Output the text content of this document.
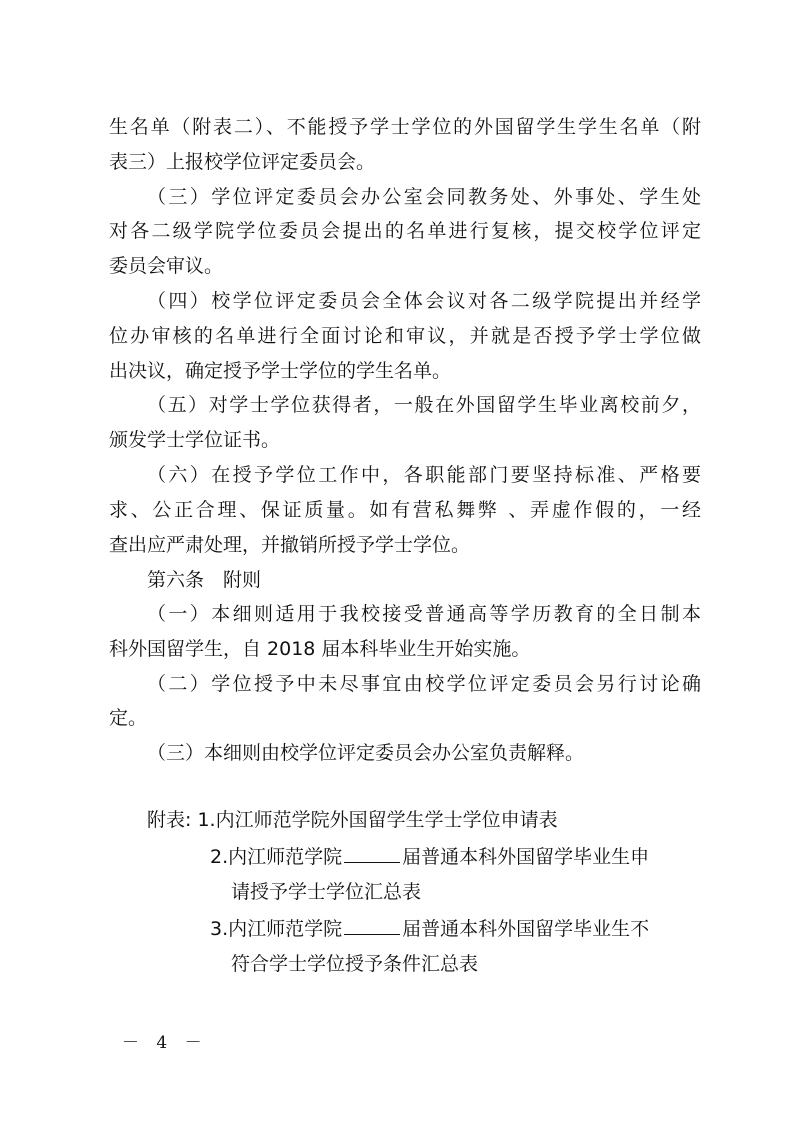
生名单（附表二）、不能授予学士学位的外国留学生学生名单（附
表三）上报校学位评定委员会。
（三）学位评定委员会办公室会同教务处、外事处、学生处
对各二级学院学位委员会提出的名单进行复核，提交校学位评定
委员会审议。
（四）校学位评定委员会全体会议对各二级学院提出并经学
位办审核的名单进行全面讨论和审议，并就是否授予学士学位做
出决议，确定授予学士学位的学生名单。
（五）对学士学位获得者，一般在外国留学生毕业离校前夕，
颁发学士学位证书。
（六）在授予学位工作中，各职能部门要坚持标准、严格要
求、公正合理、保证质量。如有营私舞弊 、弄虚作假的，一经
查出应严肃处理，并撤销所授予学士学位。
第六条　附则
（一）本细则适用于我校接受普通高等学历教育的全日制本
科外国留学生，自 2018 届本科毕业生开始实施。
（二）学位授予中未尽事宜由校学位评定委员会另行讨论确
定。
（三）本细则由校学位评定委员会办公室负责解释。
附表: 1.内江师范学院外国留学生学士学位申请表
2.内江师范学院	届普通本科外国留学毕业生申
请授予学士学位汇总表
3.内江师范学院	届普通本科外国留学毕业生不
符合学士学位授予条件汇总表
－ 4 －
